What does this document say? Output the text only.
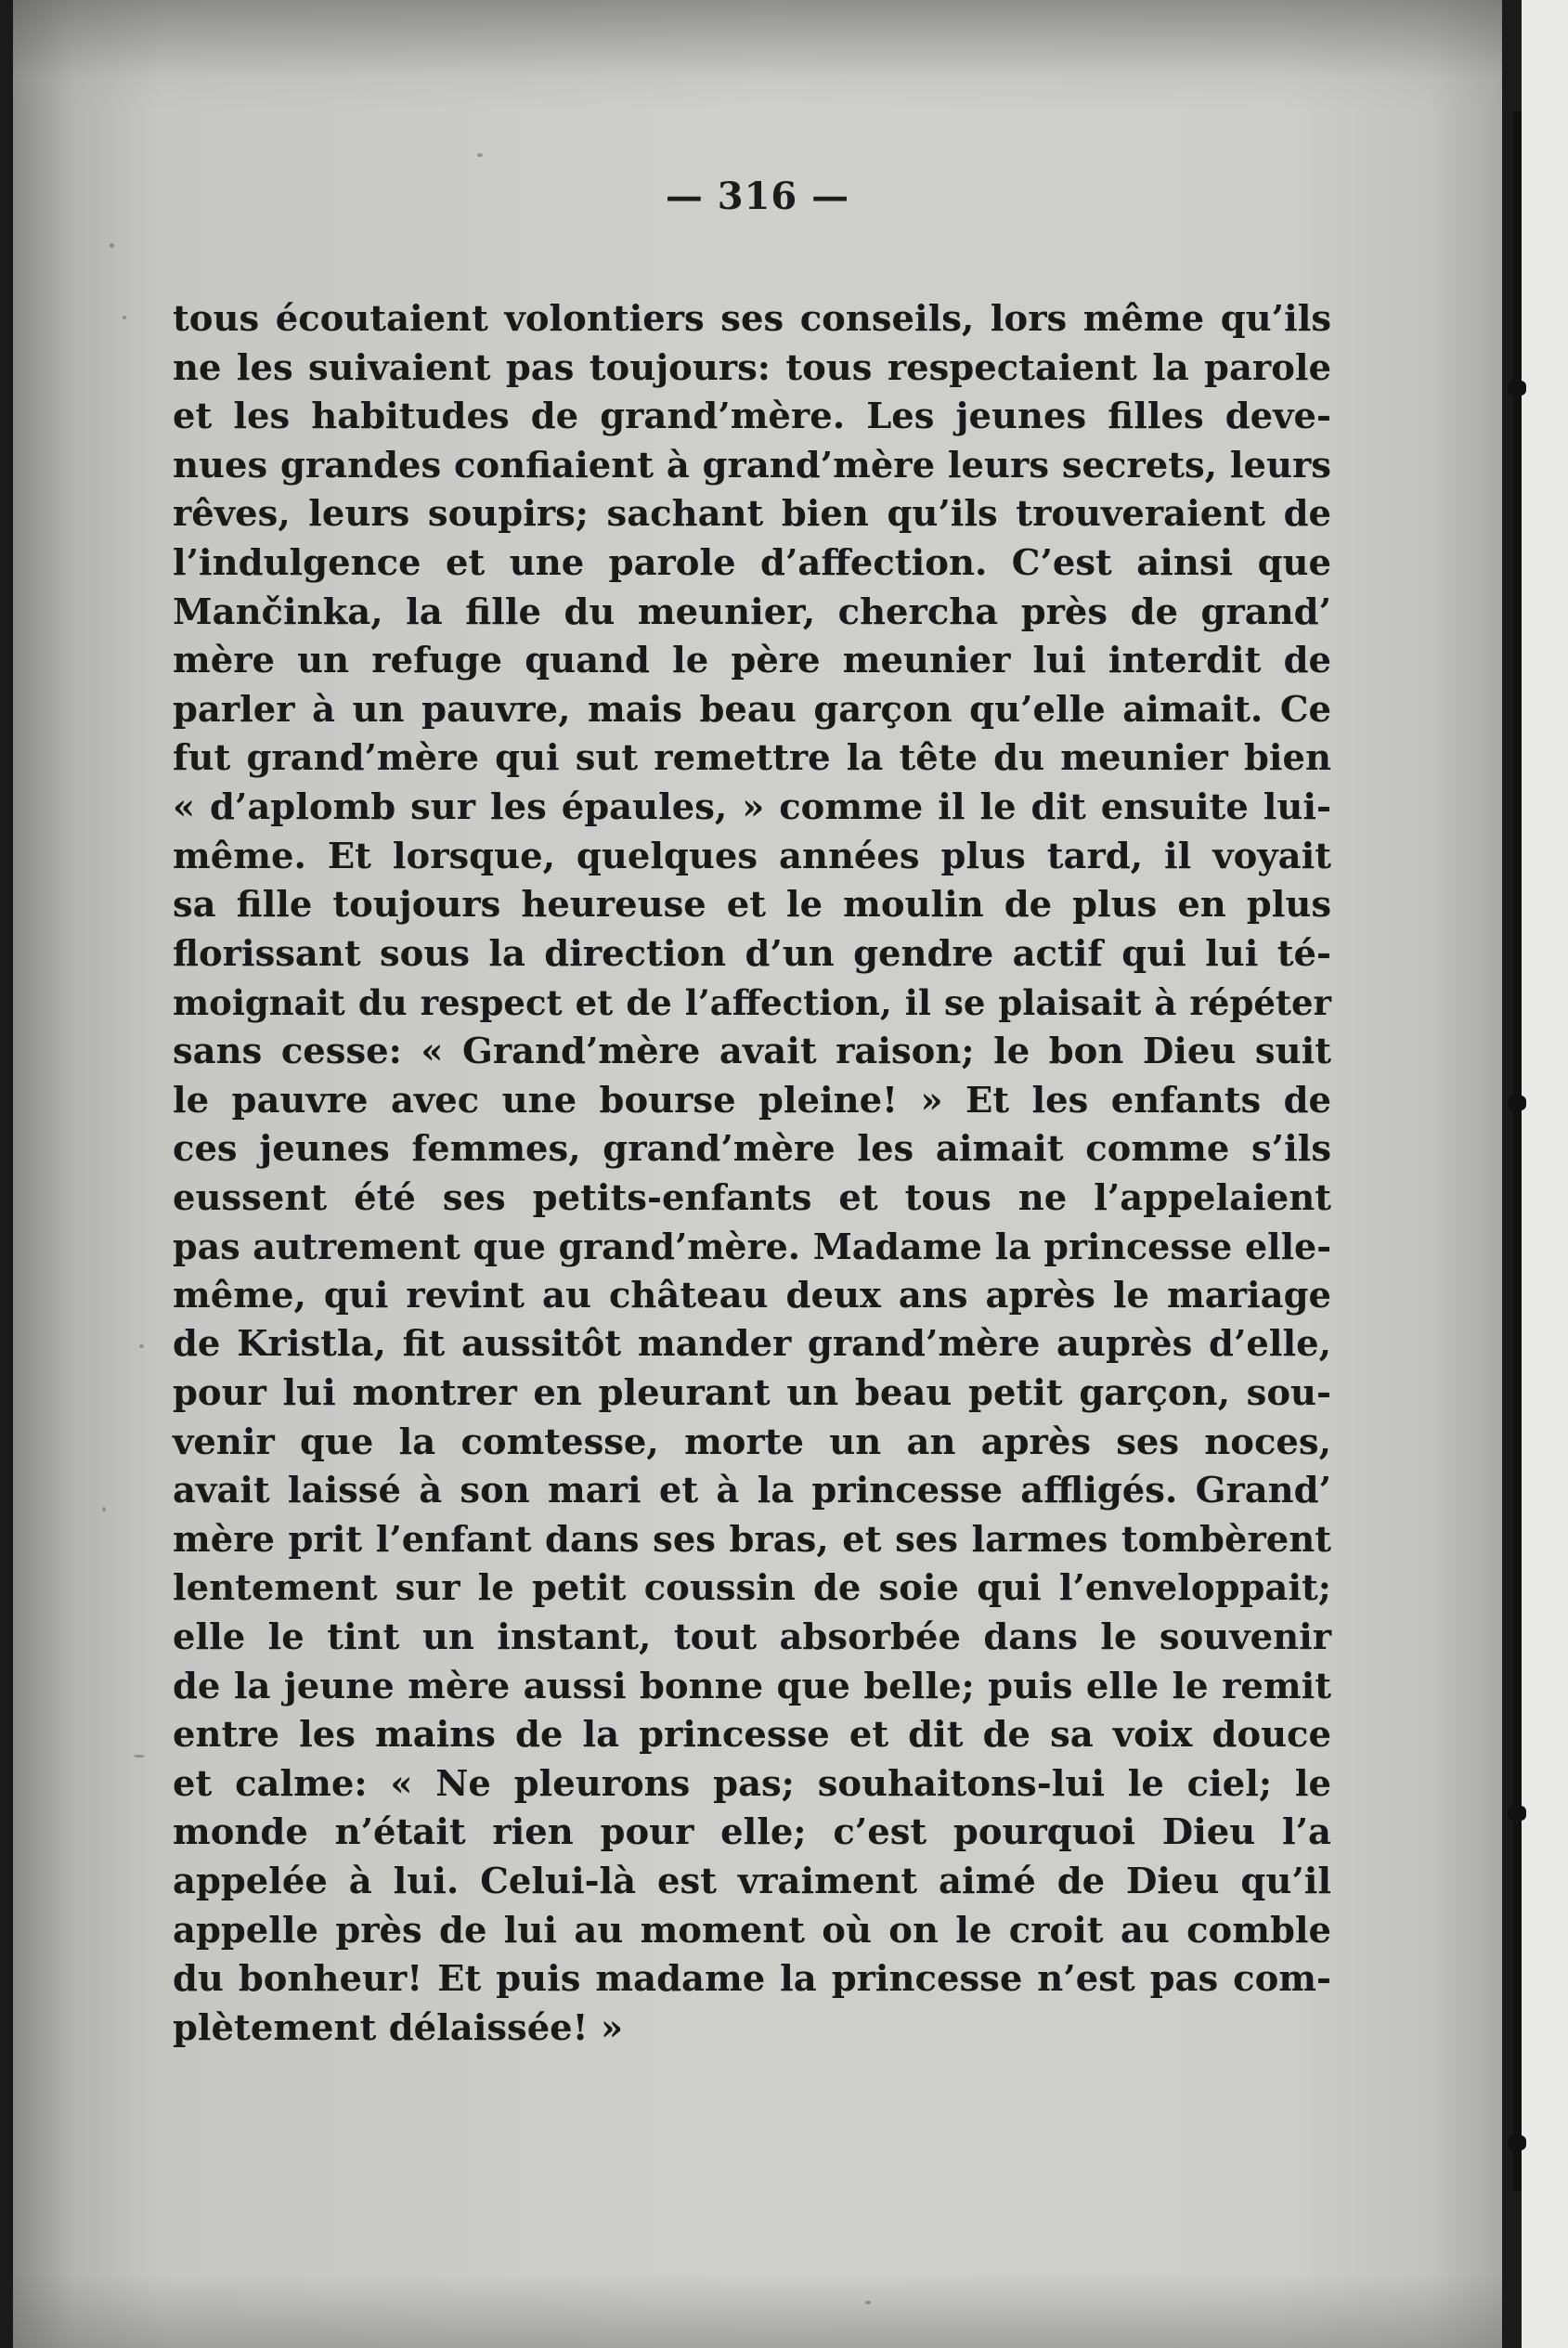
— 316 —
tous écoutaient volontiers ses conseils, lors même qu’ils
ne les suivaient pas toujours: tous respectaient la parole
et les habitudes de grand’mère. Les jeunes filles deve-
nues grandes confiaient à grand’mère leurs secrets, leurs
rêves, leurs soupirs; sachant bien qu’ils trouveraient de
l’indulgence et une parole d’affection. C’est ainsi que
Mančinka, la fille du meunier, chercha près de grand’
mère un refuge quand le père meunier lui interdit de
parler à un pauvre, mais beau garçon qu’elle aimait. Ce
fut grand’mère qui sut remettre la tête du meunier bien
« d’aplomb sur les épaules, » comme il le dit ensuite lui-
même. Et lorsque, quelques années plus tard, il voyait
sa fille toujours heureuse et le moulin de plus en plus
florissant sous la direction d’un gendre actif qui lui té-
moignait du respect et de l’affection, il se plaisait à répéter
sans cesse: « Grand’mère avait raison; le bon Dieu suit
le pauvre avec une bourse pleine! » Et les enfants de
ces jeunes femmes, grand’mère les aimait comme s’ils
eussent été ses petits-enfants et tous ne l’appelaient
pas autrement que grand’mère. Madame la princesse elle-
même, qui revint au château deux ans après le mariage
de Kristla, fit aussitôt mander grand’mère auprès d’elle,
pour lui montrer en pleurant un beau petit garçon, sou-
venir que la comtesse, morte un an après ses noces,
avait laissé à son mari et à la princesse affligés. Grand’
mère prit l’enfant dans ses bras, et ses larmes tombèrent
lentement sur le petit coussin de soie qui l’enveloppait;
elle le tint un instant, tout absorbée dans le souvenir
de la jeune mère aussi bonne que belle; puis elle le remit
entre les mains de la princesse et dit de sa voix douce
et calme: « Ne pleurons pas; souhaitons-lui le ciel; le
monde n’était rien pour elle; c’est pourquoi Dieu l’a
appelée à lui. Celui-là est vraiment aimé de Dieu qu’il
appelle près de lui au moment où on le croit au comble
du bonheur! Et puis madame la princesse n’est pas com-
plètement délaissée! »
